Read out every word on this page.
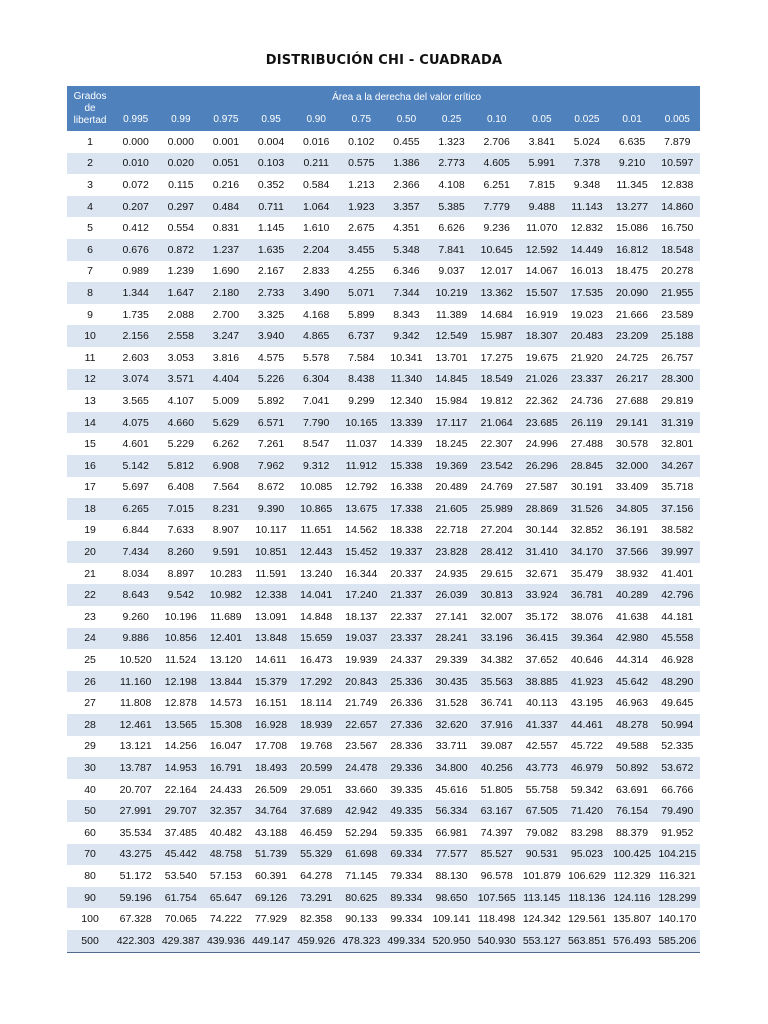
DISTRIBUCIÓN CHI - CUADRADA
Grados
de
libertad	Área a la derecha del valor crítico												
	0.995	0.99	0.975	0.95	0.90	0.75	0.50	0.25	0.10	0.05	0.025	0.01	0.005
1	0.000	0.000	0.001	0.004	0.016	0.102	0.455	1.323	2.706	3.841	5.024	6.635	7.879
2	0.010	0.020	0.051	0.103	0.211	0.575	1.386	2.773	4.605	5.991	7.378	9.210	10.597
3	0.072	0.115	0.216	0.352	0.584	1.213	2.366	4.108	6.251	7.815	9.348	11.345	12.838
4	0.207	0.297	0.484	0.711	1.064	1.923	3.357	5.385	7.779	9.488	11.143	13.277	14.860
5	0.412	0.554	0.831	1.145	1.610	2.675	4.351	6.626	9.236	11.070	12.832	15.086	16.750
6	0.676	0.872	1.237	1.635	2.204	3.455	5.348	7.841	10.645	12.592	14.449	16.812	18.548
7	0.989	1.239	1.690	2.167	2.833	4.255	6.346	9.037	12.017	14.067	16.013	18.475	20.278
8	1.344	1.647	2.180	2.733	3.490	5.071	7.344	10.219	13.362	15.507	17.535	20.090	21.955
9	1.735	2.088	2.700	3.325	4.168	5.899	8.343	11.389	14.684	16.919	19.023	21.666	23.589
10	2.156	2.558	3.247	3.940	4.865	6.737	9.342	12.549	15.987	18.307	20.483	23.209	25.188
11	2.603	3.053	3.816	4.575	5.578	7.584	10.341	13.701	17.275	19.675	21.920	24.725	26.757
12	3.074	3.571	4.404	5.226	6.304	8.438	11.340	14.845	18.549	21.026	23.337	26.217	28.300
13	3.565	4.107	5.009	5.892	7.041	9.299	12.340	15.984	19.812	22.362	24.736	27.688	29.819
14	4.075	4.660	5.629	6.571	7.790	10.165	13.339	17.117	21.064	23.685	26.119	29.141	31.319
15	4.601	5.229	6.262	7.261	8.547	11.037	14.339	18.245	22.307	24.996	27.488	30.578	32.801
16	5.142	5.812	6.908	7.962	9.312	11.912	15.338	19.369	23.542	26.296	28.845	32.000	34.267
17	5.697	6.408	7.564	8.672	10.085	12.792	16.338	20.489	24.769	27.587	30.191	33.409	35.718
18	6.265	7.015	8.231	9.390	10.865	13.675	17.338	21.605	25.989	28.869	31.526	34.805	37.156
19	6.844	7.633	8.907	10.117	11.651	14.562	18.338	22.718	27.204	30.144	32.852	36.191	38.582
20	7.434	8.260	9.591	10.851	12.443	15.452	19.337	23.828	28.412	31.410	34.170	37.566	39.997
21	8.034	8.897	10.283	11.591	13.240	16.344	20.337	24.935	29.615	32.671	35.479	38.932	41.401
22	8.643	9.542	10.982	12.338	14.041	17.240	21.337	26.039	30.813	33.924	36.781	40.289	42.796
23	9.260	10.196	11.689	13.091	14.848	18.137	22.337	27.141	32.007	35.172	38.076	41.638	44.181
24	9.886	10.856	12.401	13.848	15.659	19.037	23.337	28.241	33.196	36.415	39.364	42.980	45.558
25	10.520	11.524	13.120	14.611	16.473	19.939	24.337	29.339	34.382	37.652	40.646	44.314	46.928
26	11.160	12.198	13.844	15.379	17.292	20.843	25.336	30.435	35.563	38.885	41.923	45.642	48.290
27	11.808	12.878	14.573	16.151	18.114	21.749	26.336	31.528	36.741	40.113	43.195	46.963	49.645
28	12.461	13.565	15.308	16.928	18.939	22.657	27.336	32.620	37.916	41.337	44.461	48.278	50.994
29	13.121	14.256	16.047	17.708	19.768	23.567	28.336	33.711	39.087	42.557	45.722	49.588	52.335
30	13.787	14.953	16.791	18.493	20.599	24.478	29.336	34.800	40.256	43.773	46.979	50.892	53.672
40	20.707	22.164	24.433	26.509	29.051	33.660	39.335	45.616	51.805	55.758	59.342	63.691	66.766
50	27.991	29.707	32.357	34.764	37.689	42.942	49.335	56.334	63.167	67.505	71.420	76.154	79.490
60	35.534	37.485	40.482	43.188	46.459	52.294	59.335	66.981	74.397	79.082	83.298	88.379	91.952
70	43.275	45.442	48.758	51.739	55.329	61.698	69.334	77.577	85.527	90.531	95.023	100.425	104.215
80	51.172	53.540	57.153	60.391	64.278	71.145	79.334	88.130	96.578	101.879	106.629	112.329	116.321
90	59.196	61.754	65.647	69.126	73.291	80.625	89.334	98.650	107.565	113.145	118.136	124.116	128.299
100	67.328	70.065	74.222	77.929	82.358	90.133	99.334	109.141	118.498	124.342	129.561	135.807	140.170
500	422.303	429.387	439.936	449.147	459.926	478.323	499.334	520.950	540.930	553.127	563.851	576.493	585.206
